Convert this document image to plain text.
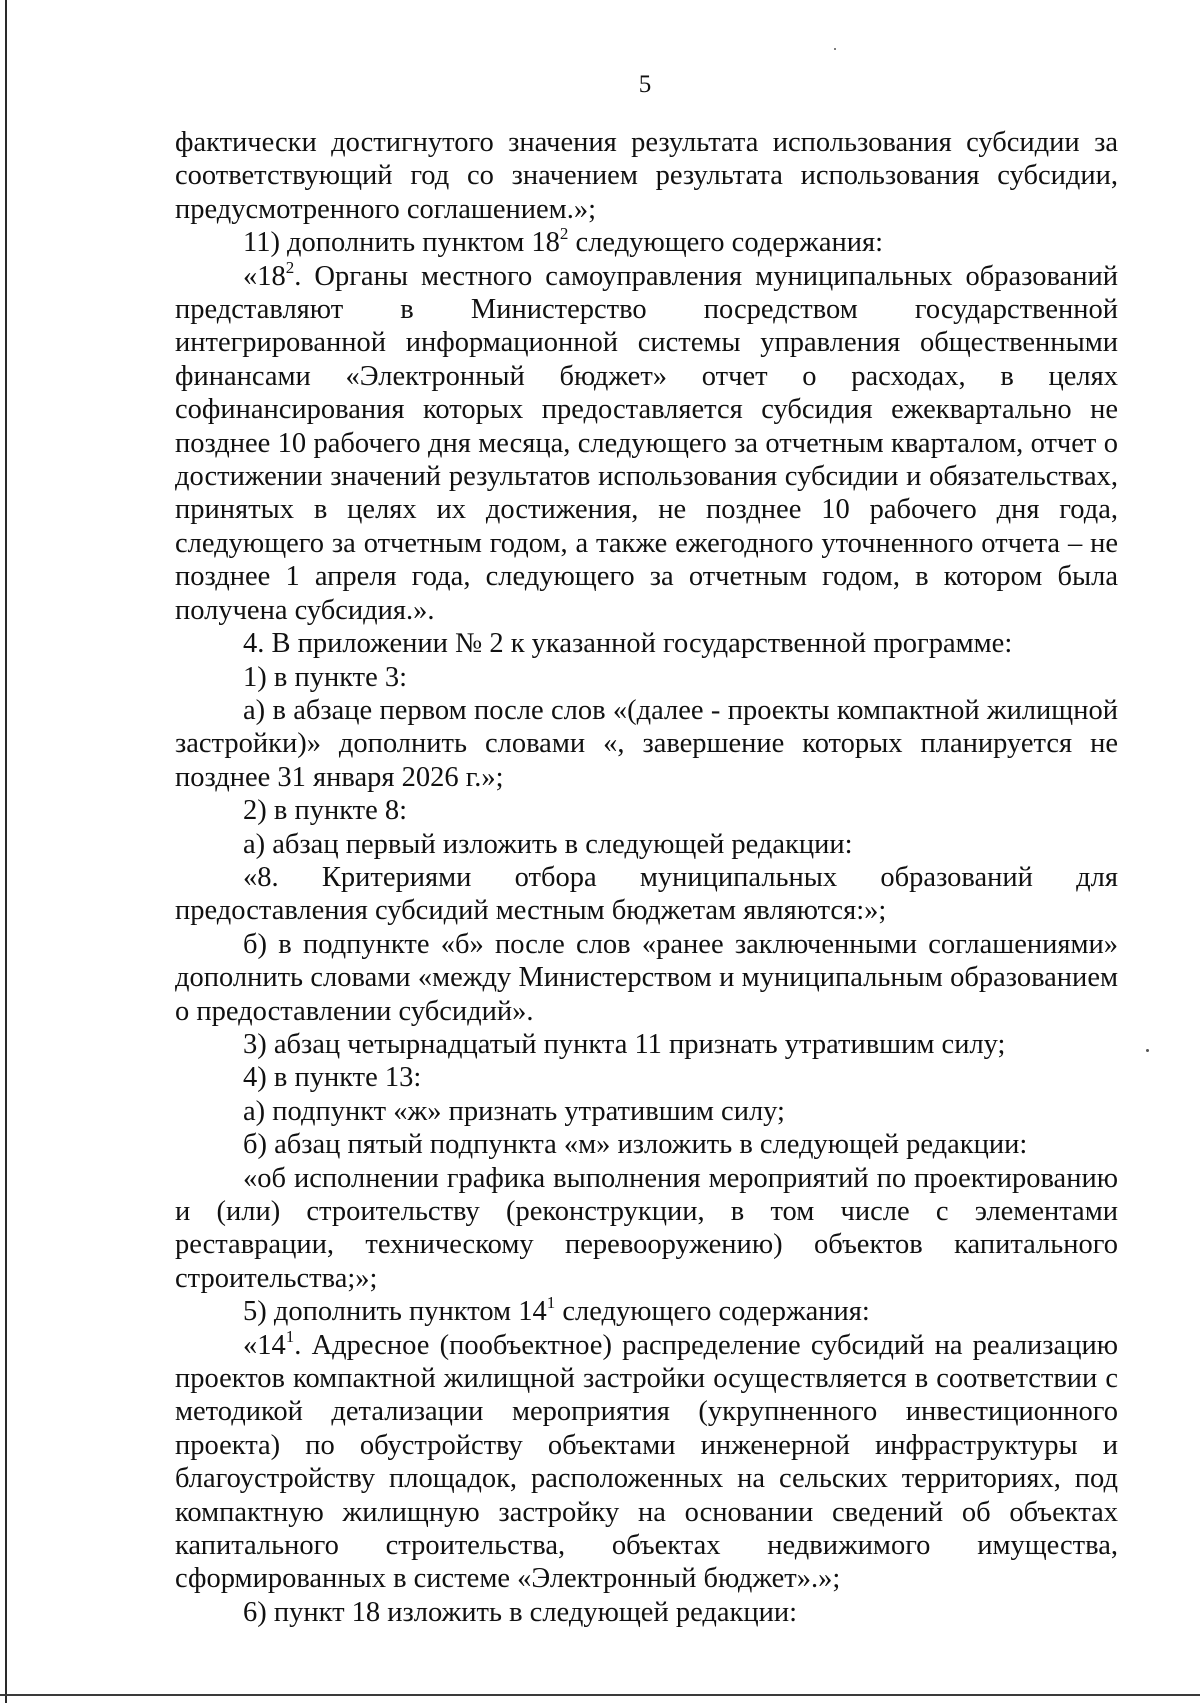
5

фактически достигнутого значения результата использования субсидии за соответствующий год со значением результата использования субсидии, предусмотренного соглашением.»;

11) дополнить пунктом $18^2$ следующего содержания:

«$18^2$. Органы местного самоуправления муниципальных образований представляют в Министерство посредством государственной интегрированной информационной системы управления общественными финансами «Электронный бюджет» отчет о расходах, в целях софинансирования которых предоставляется субсидия ежеквартально не позднее 10 рабочего дня месяца, следующего за отчетным кварталом, отчет о достижении значений результатов использования субсидии и обязательствах, принятых в целях их достижения, не позднее 10 рабочего дня года, следующего за отчетным годом, а также ежегодного уточненного отчета – не позднее 1 апреля года, следующего за отчетным годом, в котором была получена субсидия.».

4. В приложении № 2 к указанной государственной программе:

1) в пункте 3:

а) в абзаце первом после слов «(далее - проекты компактной жилищной застройки)» дополнить словами «, завершение которых планируется не позднее 31 января 2026 г.»;

2) в пункте 8:

а) абзац первый изложить в следующей редакции:

«8. Критериями отбора муниципальных образований для предоставления субсидий местным бюджетам являются:»;

б) в подпункте «б» после слов «ранее заключенными соглашениями» дополнить словами «между Министерством и муниципальным образованием о предоставлении субсидий».

3) абзац четырнадцатый пункта 11 признать утратившим силу;

4) в пункте 13:

а) подпункт «ж» признать утратившим силу;

б) абзац пятый подпункта «м» изложить в следующей редакции:

«об исполнении графика выполнения мероприятий по проектированию и (или) строительству (реконструкции, в том числе с элементами реставрации, техническому перевооружению) объектов капитального строительства;»;

5) дополнить пунктом $14^1$ следующего содержания:

«$14^1$. Адресное (пообъектное) распределение субсидий на реализацию проектов компактной жилищной застройки осуществляется в соответствии с методикой детализации мероприятия (укрупненного инвестиционного проекта) по обустройству объектами инженерной инфраструктуры и благоустройству площадок, расположенных на сельских территориях, под компактную жилищную застройку на основании сведений об объектах капитального строительства, объектах недвижимого имущества, сформированных в системе «Электронный бюджет».»;

6) пункт 18 изложить в следующей редакции:
